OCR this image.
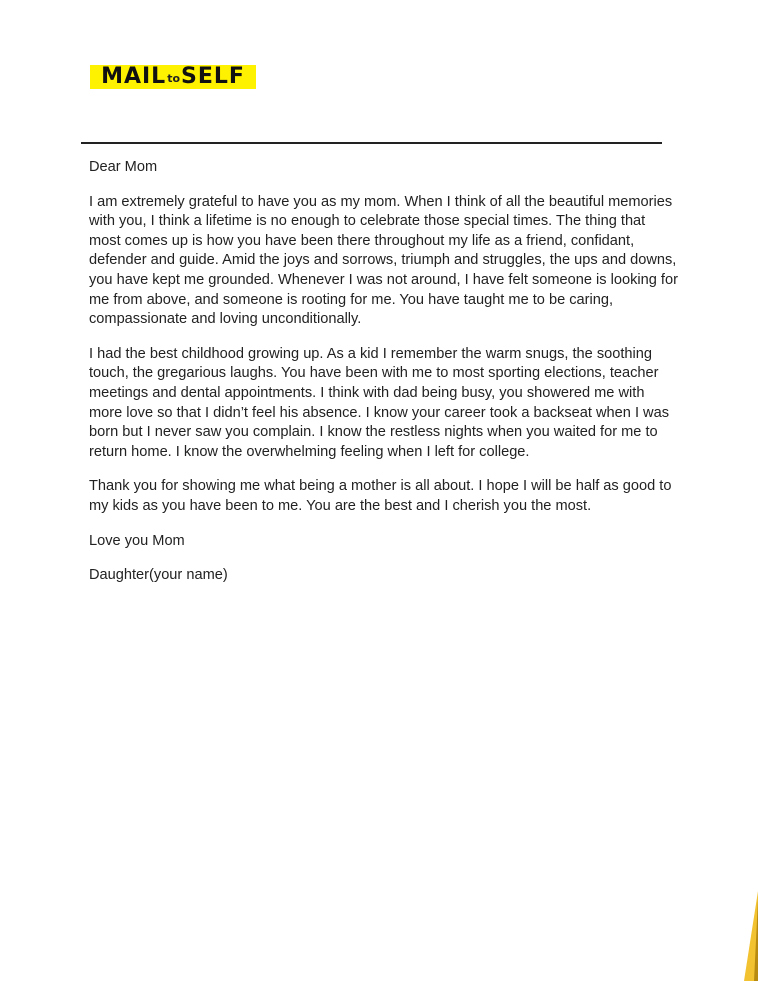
MAIL to SELF

Dear Mom

I am extremely grateful to have you as my mom. When I think of all the beautiful memories with you, I think a lifetime is no enough to celebrate those special times. The thing that most comes up is how you have been there throughout my life as a friend, confidant, defender and guide. Amid the joys and sorrows, triumph and struggles, the ups and downs, you have kept me grounded. Whenever I was not around, I have felt someone is looking for me from above, and someone is rooting for me. You have taught me to be caring, compassionate and loving unconditionally.

I had the best childhood growing up. As a kid I remember the warm snugs, the soothing touch, the gregarious laughs. You have been with me to most sporting elections, teacher meetings and dental appointments. I think with dad being busy, you showered me with more love so that I didn’t feel his absence. I know your career took a backseat when I was born but I never saw you complain. I know the restless nights when you waited for me to return home. I know the overwhelming feeling when I left for college.

Thank you for showing me what being a mother is all about. I hope I will be half as good to my kids as you have been to me. You are the best and I cherish you the most.

Love you Mom

Daughter(your name)
